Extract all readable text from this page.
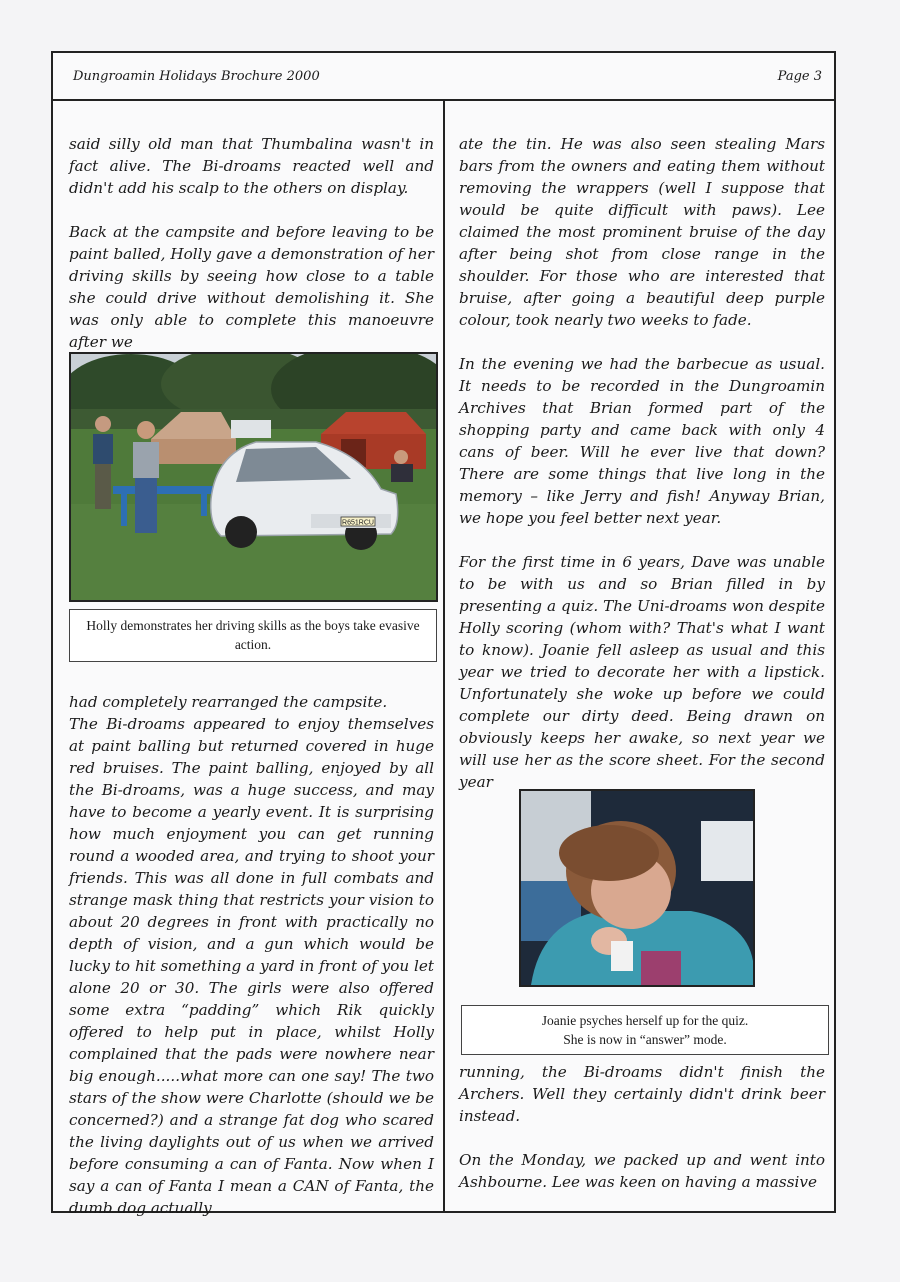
Dungroamin Holidays Brochure 2000	Page 3

said silly old man that Thumbalina wasn't in fact alive. The Bi-droams reacted well and didn't add his scalp to the others on display.

Back at the campsite and before leaving to be paint balled, Holly gave a demonstration of her driving skills by seeing how close to a table she could drive without demolishing it. She was only able to complete this manoeuvre after we

R651RCU
Holly demonstrates her driving skills as the boys take evasive action.

had completely rearranged the campsite.

The Bi-droams appeared to enjoy themselves at paint balling but returned covered in huge red bruises. The paint balling, enjoyed by all the Bi-droams, was a huge success, and may have to become a yearly event. It is surprising how much enjoyment you can get running round a wooded area, and trying to shoot your friends. This was all done in full combats and strange mask thing that restricts your vision to about 20 degrees in front with practically no depth of vision, and a gun which would be lucky to hit something a yard in front of you let alone 20 or 30. The girls were also offered some extra “padding” which Rik quickly offered to help put in place, whilst Holly complained that the pads were nowhere near big enough.....what more can one say! The two stars of the show were Charlotte (should we be concerned?) and a strange fat dog who scared the living daylights out of us when we arrived before consuming a can of Fanta. Now when I say a can of Fanta I mean a CAN of Fanta, the dumb dog actually

ate the tin. He was also seen stealing Mars bars from the owners and eating them without removing the wrappers (well I suppose that would be quite difficult with paws). Lee claimed the most prominent bruise of the day after being shot from close range in the shoulder. For those who are interested that bruise, after going a beautiful deep purple colour, took nearly two weeks to fade.

In the evening we had the barbecue as usual. It needs to be recorded in the Dungroamin Archives that Brian formed part of the shopping party and came back with only 4 cans of beer. Will he ever live that down? There are some things that live long in the memory – like Jerry and fish! Anyway Brian, we hope you feel better next year.

For the first time in 6 years, Dave was unable to be with us and so Brian filled in by presenting a quiz. The Uni-droams won despite Holly scoring (whom with? That's what I want to know). Joanie fell asleep as usual and this year we tried to decorate her with a lipstick. Unfortunately she woke up before we could complete our dirty deed. Being drawn on obviously keeps her awake, so next year we will use her as the score sheet. For the second year

Joanie psyches herself up for the quiz.
She is now in “answer” mode.

running, the Bi-droams didn't finish the Archers. Well they certainly didn't drink beer instead.

On the Monday, we packed up and went into Ashbourne. Lee was keen on having a massive
